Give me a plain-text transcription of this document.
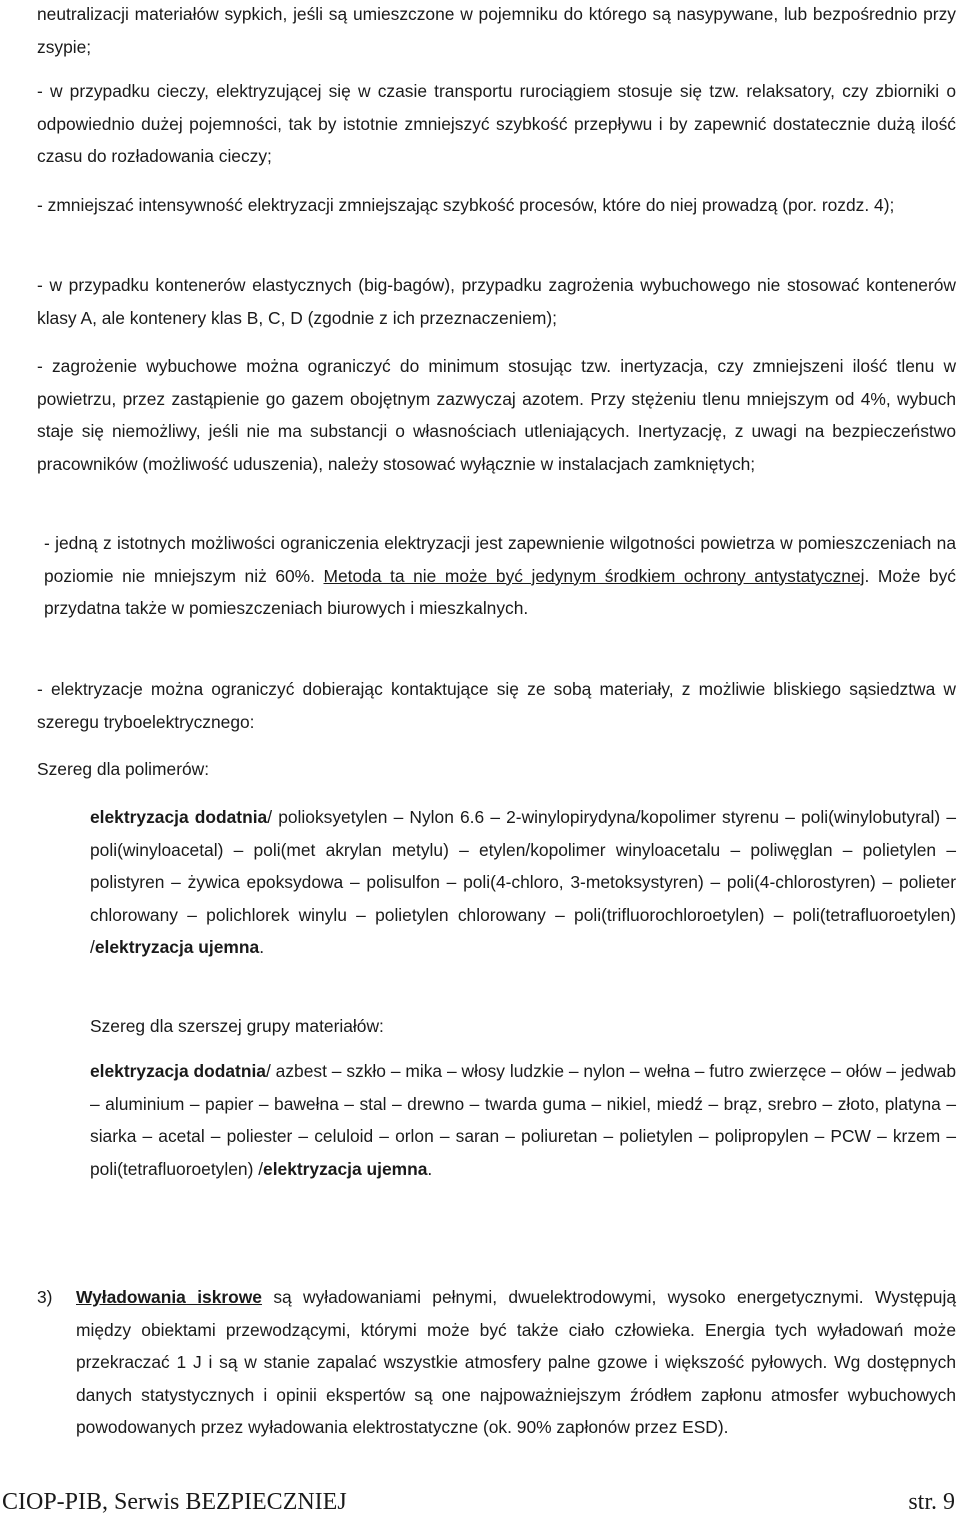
neutralizacji materiałów sypkich, jeśli są umieszczone w pojemniku do którego są nasypywane, lub bezpośrednio przy zsypie;

- w przypadku cieczy, elektryzującej się w czasie transportu rurociągiem stosuje się tzw. relaksatory, czy zbiorniki o odpowiednio dużej pojemności, tak by istotnie zmniejszyć szybkość przepływu i by zapewnić dostatecznie dużą ilość czasu do rozładowania cieczy;

- zmniejszać intensywność elektryzacji zmniejszając szybkość procesów, które do niej prowadzą (por. rozdz. 4);

- w przypadku kontenerów elastycznych (big-bagów), przypadku zagrożenia wybuchowego nie stosować kontenerów klasy A, ale kontenery klas B, C, D (zgodnie z ich przeznaczeniem);

- zagrożenie wybuchowe można ograniczyć do minimum stosując tzw. inertyzacja, czy zmniejszeni ilość tlenu w powietrzu, przez zastąpienie go gazem obojętnym zazwyczaj azotem. Przy stężeniu tlenu mniejszym od 4%, wybuch staje się niemożliwy, jeśli nie ma substancji o własnościach utleniających. Inertyzację, z uwagi na bezpieczeństwo pracowników (możliwość uduszenia), należy stosować wyłącznie w instalacjach zamkniętych;

- jedną z istotnych możliwości ograniczenia elektryzacji jest zapewnienie wilgotności powietrza w pomieszczeniach na poziomie nie mniejszym niż 60%. Metoda ta nie może być jedynym środkiem ochrony antystatycznej. Może być przydatna także w pomieszczeniach biurowych i mieszkalnych.

- elektryzacje można ograniczyć dobierając kontaktujące się ze sobą materiały, z możliwie bliskiego sąsiedztwa w szeregu tryboelektrycznego:

Szereg dla polimerów:

elektryzacja dodatnia/ polioksyetylen – Nylon 6.6 – 2-winylopirydyna/kopolimer styrenu – poli(winylobutyral) – poli(winyloacetal) – poli(met akrylan metylu) – etylen/kopolimer winyloacetalu – poliwęglan – polietylen – polistyren – żywica epoksydowa – polisulfon – poli(4-chloro, 3-metoksystyren) – poli(4-chlorostyren) – polieter chlorowany – polichlorek winylu – polietylen chlorowany – poli(trifluorochloroetylen) – poli(tetrafluoroetylen) /elektryzacja ujemna.

Szereg dla szerszej grupy materiałów:

elektryzacja dodatnia/ azbest – szkło – mika – włosy ludzkie – nylon – wełna – futro zwierzęce – ołów – jedwab – aluminium – papier – bawełna – stal – drewno – twarda guma – nikiel, miedź – brąz, srebro – złoto, platyna – siarka – acetal – poliester – celuloid – orlon – saran – poliuretan – polietylen – polipropylen – PCW – krzem – poli(tetrafluoroetylen) /elektryzacja ujemna.

3) Wyładowania iskrowe są wyładowaniami pełnymi, dwuelektrodowymi, wysoko energetycznymi. Występują między obiektami przewodzącymi, którymi może być także ciało człowieka. Energia tych wyładowań może przekraczać 1 J i są w stanie zapalać wszystkie atmosfery palne gzowe i większość pyłowych. Wg dostępnych danych statystycznych i opinii ekspertów są one najpoważniejszym źródłem zapłonu atmosfer wybuchowych powodowanych przez wyładowania elektrostatyczne (ok. 90% zapłonów przez ESD).

CIOP-PIB, Serwis BEZPIECZNIEJ	str. 9
